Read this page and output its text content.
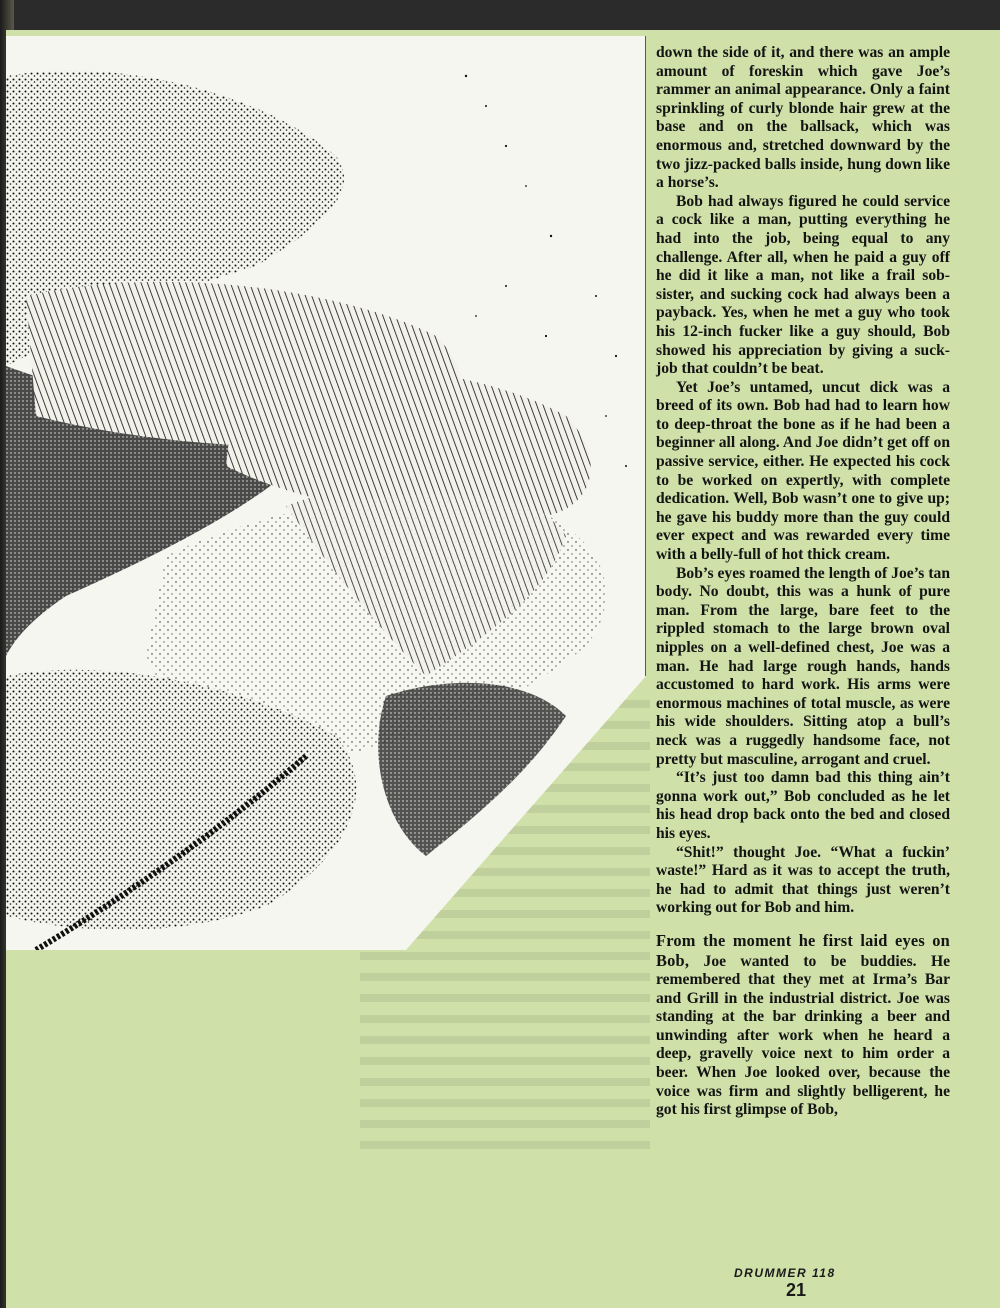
down the side of it, and there was an ample amount of foreskin which gave Joe’s rammer an animal appearance. Only a faint sprinkling of curly blonde hair grew at the base and on the ballsack, which was enormous and, stretched downward by the two jizz-packed balls inside, hung down like a horse’s.

Bob had always figured he could service a cock like a man, putting everything he had into the job, being equal to any challenge. After all, when he paid a guy off he did it like a man, not like a frail sob-sister, and sucking cock had always been a payback. Yes, when he met a guy who took his 12-inch fucker like a guy should, Bob showed his appreciation by giving a suck-job that couldn’t be beat.

Yet Joe’s untamed, uncut dick was a breed of its own. Bob had had to learn how to deep-throat the bone as if he had been a beginner all along. And Joe didn’t get off on passive service, either. He expected his cock to be worked on expertly, with complete dedication. Well, Bob wasn’t one to give up; he gave his buddy more than the guy could ever expect and was rewarded every time with a belly-full of hot thick cream.

Bob’s eyes roamed the length of Joe’s tan body. No doubt, this was a hunk of pure man. From the large, bare feet to the rippled stomach to the large brown oval nipples on a well-defined chest, Joe was a man. He had large rough hands, hands accustomed to hard work. His arms were enormous machines of total muscle, as were his wide shoulders. Sitting atop a bull’s neck was a ruggedly handsome face, not pretty but masculine, arrogant and cruel.

“It’s just too damn bad this thing ain’t gonna work out,” Bob concluded as he let his head drop back onto the bed and closed his eyes.

“Shit!” thought Joe. “What a fuckin’ waste!” Hard as it was to accept the truth, he had to admit that things just weren’t working out for Bob and him.

From the moment he first laid eyes on Bob, Joe wanted to be buddies. He remembered that they met at Irma’s Bar and Grill in the industrial district. Joe was standing at the bar drinking a beer and unwinding after work when he heard a deep, gravelly voice next to him order a beer. When Joe looked over, because the voice was firm and slightly belligerent, he got his first glimpse of Bob,

DRUMMER 118
21
